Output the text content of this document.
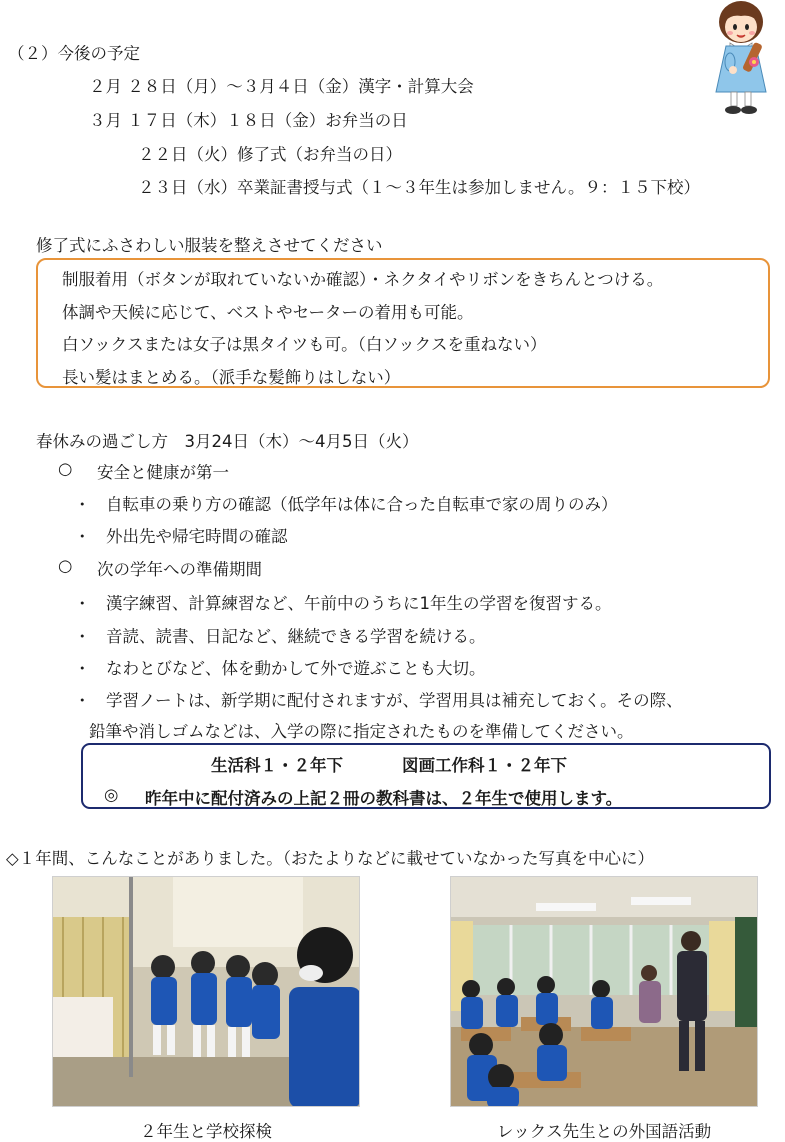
（２）今後の予定
２月 ２８日（月）～３月４日（金）漢字・計算大会
３月 １７日（木）１８日（金）お弁当の日
２２日（火）修了式（お弁当の日）
２３日（水）卒業証書授与式（１～３年生は参加しません。９：１５下校）
修了式にふさわしい服装を整えさせてください
制服着用（ボタンが取れていないか確認）・ネクタイやリボンをきちんとつける。
体調や天候に応じて、ベストやセーターの着用も可能。
白ソックスまたは女子は黒タイツも可。（白ソックスを重ねない）
長い髪はまとめる。（派手な髪飾りはしない）
春休みの過ごし方　3月24日（木）～4月5日（火）
○ 安全と健康が第一
・ 自転車の乗り方の確認（低学年は体に合った自転車で家の周りのみ）
・ 外出先や帰宅時間の確認
○ 次の学年への準備期間
・ 漢字練習、計算練習など、午前中のうちに1年生の学習を復習する。
・ 音読、読書、日記など、継続できる学習を続ける。
・ なわとびなど、体を動かして外で遊ぶことも大切。
・ 学習ノートは、新学期に配付されますが、学習用具は補充しておく。その際、
鉛筆や消しゴムなどは、入学の際に指定されたものを準備してください。
生活科１・２年下	図画工作科１・２年下
◎ 昨年中に配付済みの上記２冊の教科書は、２年生で使用します。
◇１年間、こんなことがありました。（おたよりなどに載せていなかった写真を中心に）
２年生と学校探検	レックス先生との外国語活動
